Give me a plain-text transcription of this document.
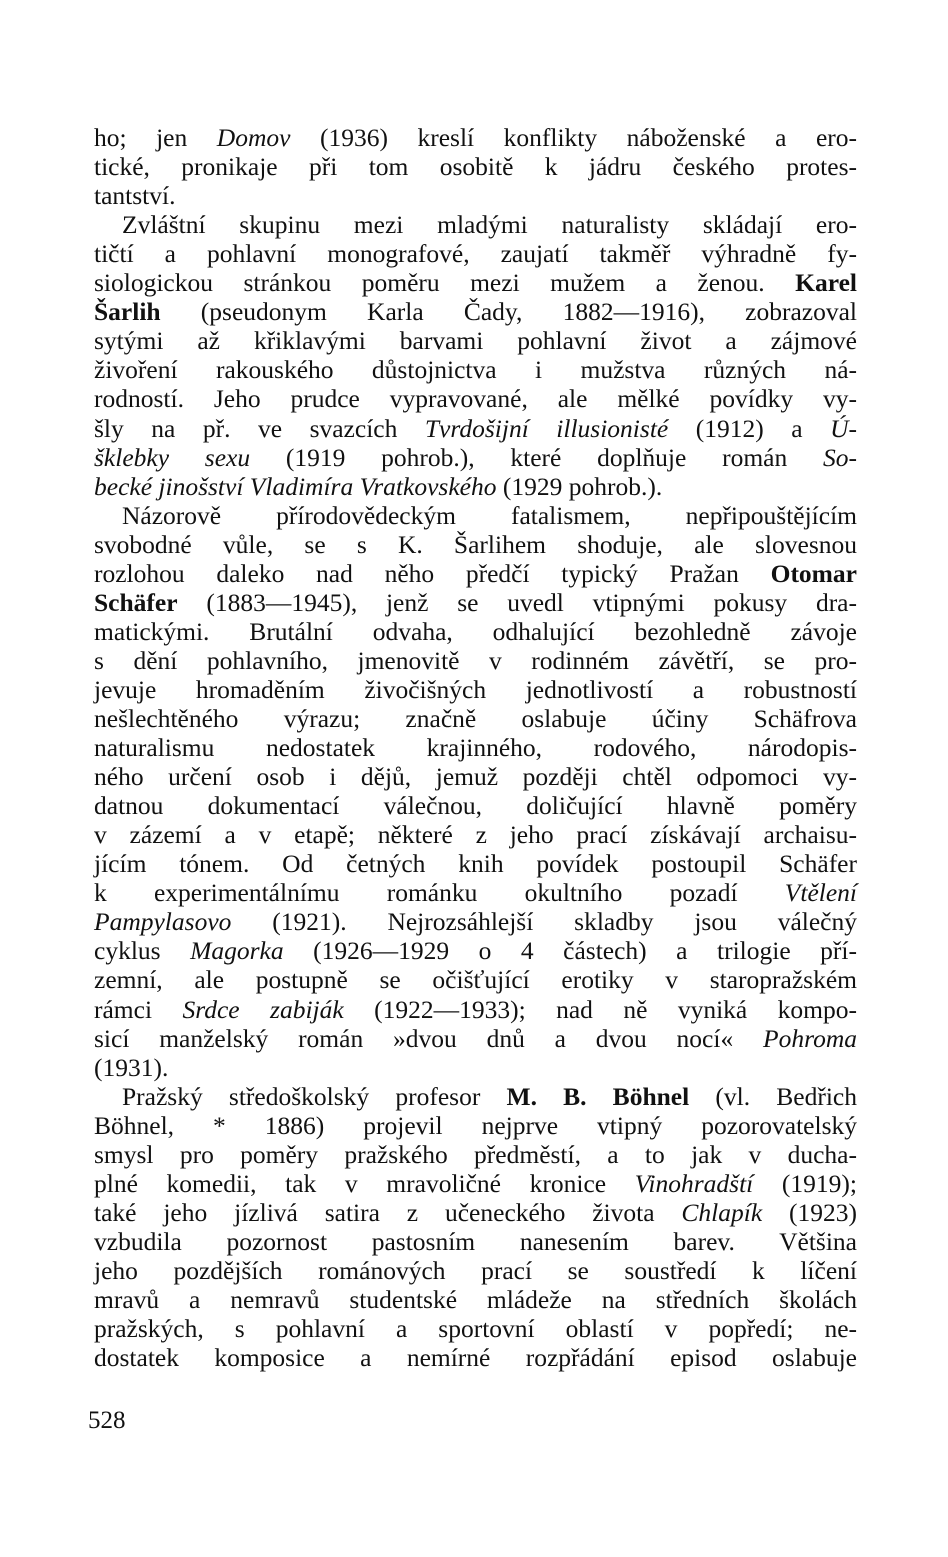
ho; jen Domov (1936) kreslí konflikty náboženské a ero-
tické, pronikaje při tom osobitě k jádru českého protes-
tantství.
Zvláštní skupinu mezi mladými naturalisty skládají ero-
tičtí a pohlavní monografové, zaujatí takměř výhradně fy-
siologickou stránkou poměru mezi mužem a ženou. Karel
Šarlih (pseudonym Karla Čady, 1882—1916), zobrazoval
sytými až křiklavými barvami pohlavní život a zájmové
živoření rakouského důstojnictva i mužstva různých ná-
rodností. Jeho prudce vypravované, ale mělké povídky vy-
šly na př. ve svazcích Tvrdošijní illusionisté (1912) a Ú-
šklebky sexu (1919 pohrob.), které doplňuje román So-
becké jinošství Vladimíra Vratkovského (1929 pohrob.).
Názorově přírodovědeckým fatalismem, nepřipouštějícím
svobodné vůle, se s K. Šarlihem shoduje, ale slovesnou
rozlohou daleko nad něho předčí typický Pražan Otomar
Schäfer (1883—1945), jenž se uvedl vtipnými pokusy dra-
matickými. Brutální odvaha, odhalující bezohledně závoje
s dění pohlavního, jmenovitě v rodinném závětří, se pro-
jevuje hromaděním živočišných jednotlivostí a robustností
nešlechtěného výrazu; značně oslabuje účiny Schäfrova
naturalismu nedostatek krajinného, rodového, národopis-
ného určení osob i dějů, jemuž později chtěl odpomoci vy-
datnou dokumentací válečnou, doličující hlavně poměry
v zázemí a v etapě; některé z jeho prací získávají archaisu-
jícím tónem. Od četných knih povídek postoupil Schäfer
k experimentálnímu románku okultního pozadí Vtělení
Pampylasovo (1921). Nejrozsáhlejší skladby jsou válečný
cyklus Magorka (1926—1929 o 4 částech) a trilogie pří-
zemní, ale postupně se očišťující erotiky v staropražském
rámci Srdce zabiják (1922—1933); nad ně vyniká kompo-
sicí manželský román »dvou dnů a dvou nocí« Pohroma
(1931).
Pražský středoškolský profesor M. B. Böhnel (vl. Bedřich
Böhnel, * 1886) projevil nejprve vtipný pozorovatelský
smysl pro poměry pražského předměstí, a to jak v ducha-
plné komedii, tak v mravoličné kronice Vinohradští (1919);
také jeho jízlivá satira z učeneckého života Chlapík (1923)
vzbudila pozornost pastosním nanesením barev. Většina
jeho pozdějších románových prací se soustředí k líčení
mravů a nemravů studentské mládeže na středních školách
pražských, s pohlavní a sportovní oblastí v popředí; ne-
dostatek komposice a nemírné rozpřádání episod oslabuje
528
